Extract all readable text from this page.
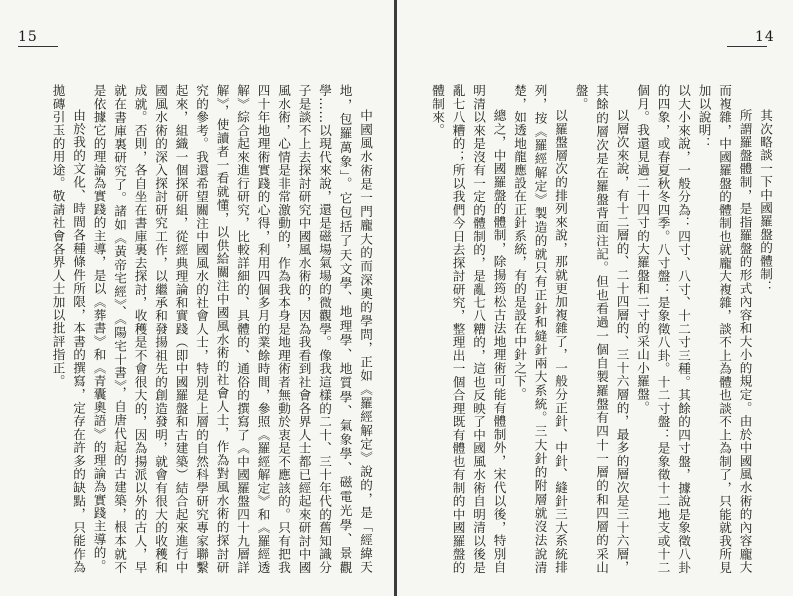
15

中國風水術是一門龐大的而深奧的學問，正如《羅經解定》說的，是「經緯天地，包羅萬象」。它包括了天文學、地理學、地質學、氣象學、磁電光學、景觀學……以現代來說，還是磁場氣場的微觀學。像我這樣的二十、三十年代的舊知識分子是談不上去探討研究中國風水術的，因為我看到社會各界人士都已經起來研討中國風水術，心情是非常激動的，作為我本身是地理術者無動於衷是不應該的。只有把我四十年地理術實踐的心得，利用四個多月的業餘時間，參照《羅經解定》和《羅經透解》綜合起來進行研究，比較詳細的、具體的、通俗的撰寫了《中國羅盤四十九層詳解》，使讀者一看就懂，以供給關注中國風水術的社會人士，作為對風水術的探討研究的參考。我還希望關注中國風水的社會人士，特別是上層的自然科學研究專家聯繫起來，組織一個探研組，從經典理論和實踐（即中國羅盤和古建築）結合起來進行中國風水術的深入探討研究工作，以繼承和發揚祖先的創造發明，就會有很大的收穫和成就。否則，各自坐在書庫裏去探討，收穫是不會很大的，因為揚派以外的古人，早就在書庫裏研究了。諸如《黃帝宅經》、《陽宅十書》，自唐代起的古建築，根本就不是依據它的理論為實踐的主導，是以《葬書》和《青囊奧語》的理論為實踐主導的。

由於我的文化、時間各種條件所限，本書的撰寫，定存在許多的缺點，只能作為拋磚引玉的用途。敬請社會各界人士加以批評指正。

14

其次略談一下中國羅盤的體制：

所謂羅盤體制，是指羅盤的形式內容和大小的規定。由於中國風水術的內容龐大而複雜，中國羅盤的體制也就龐大複雜，談不上為體也談不上為制了，只能就我所見加以說明：

以大小來說，一般分為：四寸、八寸、十二寸三種。其餘的四寸盤，據說是象徵八卦的四象，或春夏秋冬四季。八寸盤：是象徵八卦。十二寸盤：是象徵十二地支或十二個月。我還見過二十四寸的大羅盤和二寸的采山小羅盤。

以層次來說，有十二層的、二十四層的、三十六層的，最多的層次是三十六層，其餘的層次是在羅盤背面注記。但也看過一個自製羅盤有四十一層的和四層的采山盤。

以羅盤層次的排列來說，那就更加複雜了，一般分正針、中針、縫針三大系統排列，按《羅經解定》製造的就只有正針和縫針兩大系統。三大針的附層就沒法說清楚，如透地龍應設在正針系統，有的是設在中針之下。

總之，中國羅盤的體制，除揚筠松古法地理術可能有體制外，宋代以後，特別自明清以來是沒有一定的體制的，是亂七八糟的，這也反映了中國風水術自明清以後是亂七八糟的；所以我們今日去探討研究，整理出一個合理既有體也有制的中國羅盤的體制來。
